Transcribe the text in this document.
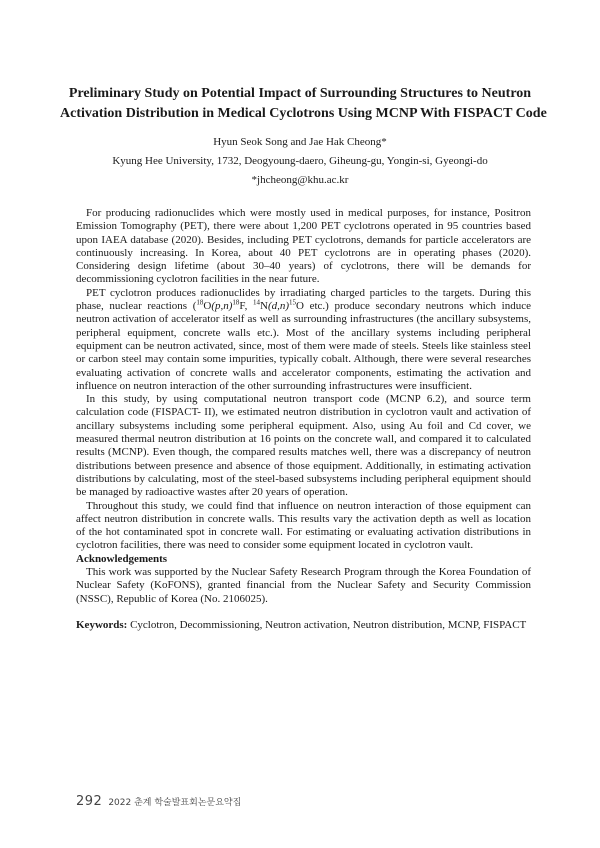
Preliminary Study on Potential Impact of Surrounding Structures to Neutron
Activation Distribution in Medical Cyclotrons Using MCNP With FISPACT Code
Hyun Seok Song and Jae Hak Cheong*
Kyung Hee University, 1732, Deogyoung-daero, Giheung-gu, Yongin-si, Gyeongi-do
*jhcheong@khu.ac.kr

For producing radionuclides which were mostly used in medical purposes, for instance, Positron Emission Tomography (PET), there were about 1,200 PET cyclotrons operated in 95 countries based upon IAEA database (2020). Besides, including PET cyclotrons, demands for particle accelerators are continuously increasing. In Korea, about 40 PET cyclotrons are in operating phases (2020). Considering design lifetime (about 30–40 years) of cyclotrons, there will be demands for decommissioning cyclotron facilities in the near future.

PET cyclotron produces radionuclides by irradiating charged particles to the targets. During this phase, nuclear reactions ($^{18}O(p,n)^{18}F$, $^{14}N(d,n)^{15}O$ etc.) produce secondary neutrons which induce neutron activation of accelerator itself as well as surrounding infrastructures (the ancillary subsystems, peripheral equipment, concrete walls etc.). Most of the ancillary systems including peripheral equipment can be neutron activated, since, most of them were made of steels. Steels like stainless steel or carbon steel may contain some impurities, typically cobalt. Although, there were several researches evaluating activation of concrete walls and accelerator components, estimating the activation and influence on neutron interaction of the other surrounding infrastructures were insufficient.

In this study, by using computational neutron transport code (MCNP 6.2), and source term calculation code (FISPACT- II), we estimated neutron distribution in cyclotron vault and activation of ancillary subsystems including some peripheral equipment. Also, using Au foil and Cd cover, we measured thermal neutron distribution at 16 points on the concrete wall, and compared it to calculated results (MCNP). Even though, the compared results matches well, there was a discrepancy of neutron distributions between presence and absence of those equipment. Additionally, in estimating activation distributions by calculating, most of the steel-based subsystems including peripheral equipment should be managed by radioactive wastes after 20 years of operation.

Throughout this study, we could find that influence on neutron interaction of those equipment can affect neutron distribution in concrete walls. This results vary the activation depth as well as location of the hot contaminated spot in concrete wall. For estimating or evaluating activation distributions in cyclotron facilities, there was need to consider some equipment located in cyclotron vault.

Acknowledgements
This work was supported by the Nuclear Safety Research Program through the Korea Foundation of Nuclear Safety (KoFONS), granted financial from the Nuclear Safety and Security Commission (NSSC), Republic of Korea (No. 2106025).
Keywords: Cyclotron, Decommissioning, Neutron activation, Neutron distribution, MCNP, FISPACT
292 2022 춘계 학술발표회논문요약집
